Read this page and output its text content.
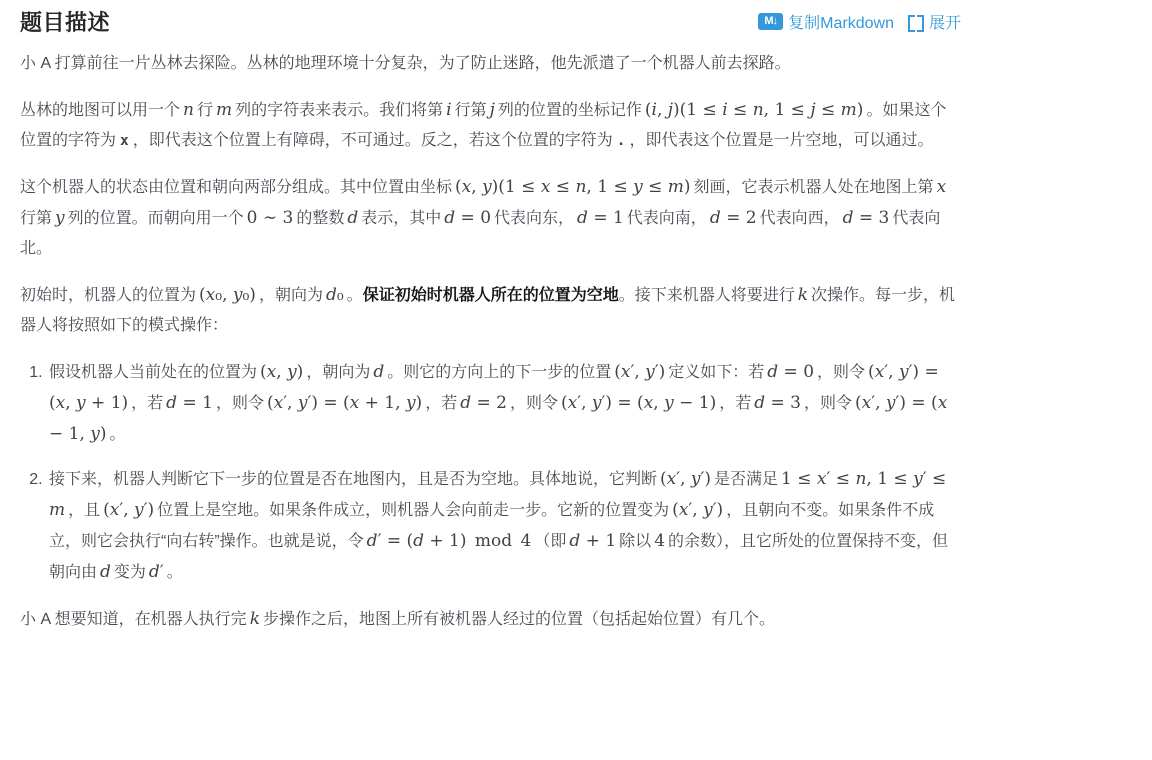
题目描述 M↓	复制Markdown 展开

小 A 打算前往一片丛林去探险。丛林的地理环境十分复杂，为了防止迷路，他先派遣了一个机器人前去探路。

丛林的地图可以用一个 n 行 m 列的字符表来表示。我们将第 i 行第 j 列的位置的坐标记作 (i, j)(1 ≤ i ≤ n, 1 ≤ j ≤ m) 。如果这个位置的字符为 x ，即代表这个位置上有障碍，不可通过。反之，若这个位置的字符为 . ，即代表这个位置是一片空地，可以通过。

这个机器人的状态由位置和朝向两部分组成。其中位置由坐标 (x, y)(1 ≤ x ≤ n, 1 ≤ y ≤ m) 刻画，它表示机器人处在地图上第 x行第 y 列的位置。而朝向用一个 0 ∼ 3 的整数 d 表示，其中 d = 0 代表向东， d = 1 代表向南， d = 2 代表向西， d = 3 代表向北。

初始时，机器人的位置为 (x₀, y₀) ，朝向为 d₀ 。保证初始时机器人所在的位置为空地。接下来机器人将要进行 k 次操作。每一步，机器人将按照如下的模式操作：

1. 假设机器人当前处在的位置为 (x, y) ，朝向为 d 。则它的方向上的下一步的位置 (x′, y′) 定义如下：若 d = 0 ，则令 (x′, y′) = (x, y + 1) ，若 d = 1 ，则令 (x′, y′) = (x + 1, y) ，若 d = 2 ，则令 (x′, y′) = (x, y − 1) ，若 d = 3 ，则令 (x′, y′) = (x − 1, y) 。
2. 接下来，机器人判断它下一步的位置是否在地图内，且是否为空地。具体地说，它判断 (x′, y′) 是否满足 1 ≤ x′ ≤ n, 1 ≤ y′ ≤ m ，且 (x′, y′) 位置上是空地。如果条件成立，则机器人会向前走一步。它新的位置变为 (x′, y′) ，且朝向不变。如果条件不成立，则它会执行“向右转”操作。也就是说，令 d′ = (d + 1) mod 4 （即 d + 1 除以 4 的余数），且它所处的位置保持不变，但朝向由 d 变为 d′ 。

小 A 想要知道，在机器人执行完 k 步操作之后，地图上所有被机器人经过的位置（包括起始位置）有几个。
